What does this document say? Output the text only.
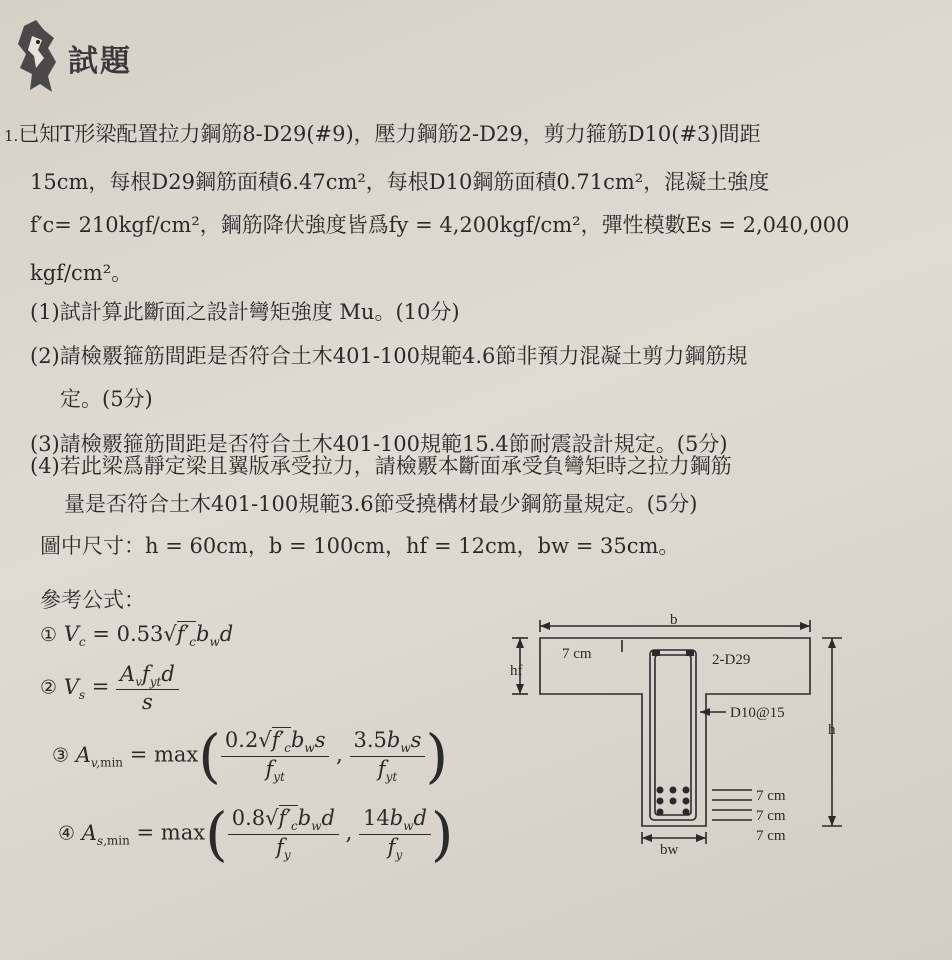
試題
1.已知T形梁配置拉力鋼筋8-D29(#9)，壓力鋼筋2-D29，剪力箍筋D10(#3)間距
15cm，每根D29鋼筋面積6.47cm²，每根D10鋼筋面積0.71cm²，混凝土強度
f′c= 210kgf/cm²，鋼筋降伏強度皆爲fy = 4,200kgf/cm²，彈性模數Es = 2,040,000
kgf/cm²。
(1)試計算此斷面之設計彎矩強度 Mu。(10分)
(2)請檢覈箍筋間距是否符合土木401-100規範4.6節非預力混凝土剪力鋼筋規
定。(5分)
(3)請檢覈箍筋間距是否符合土木401-100規範15.4節耐震設計規定。(5分)
(4)若此梁爲靜定梁且翼版承受拉力，請檢覈本斷面承受負彎矩時之拉力鋼筋
量是否符合土木401-100規範3.6節受撓構材最少鋼筋量規定。(5分)
圖中尺寸：h = 60cm，b = 100cm，hf = 12cm，bw = 35cm。
參考公式：
① $V_c = 0.53√f'_cb_wd$
② $V_s = \frac{A_vf_{yt}d}{s}$
③ $A_{v,min} = \max( \frac{0.2√f'_cb_ws}{f_{yt}}$ , $\frac{3.5b_ws}{f_{yt}}$ )
④ $A_{s,min} = \max( \frac{0.8√f'_cb_wd}{f_y}$ , $\frac{14b_wd}{f_y}$ )
b
7 cm
hf
2-D29
D10@15
h
7 cm
7 cm
7 cm
bw
